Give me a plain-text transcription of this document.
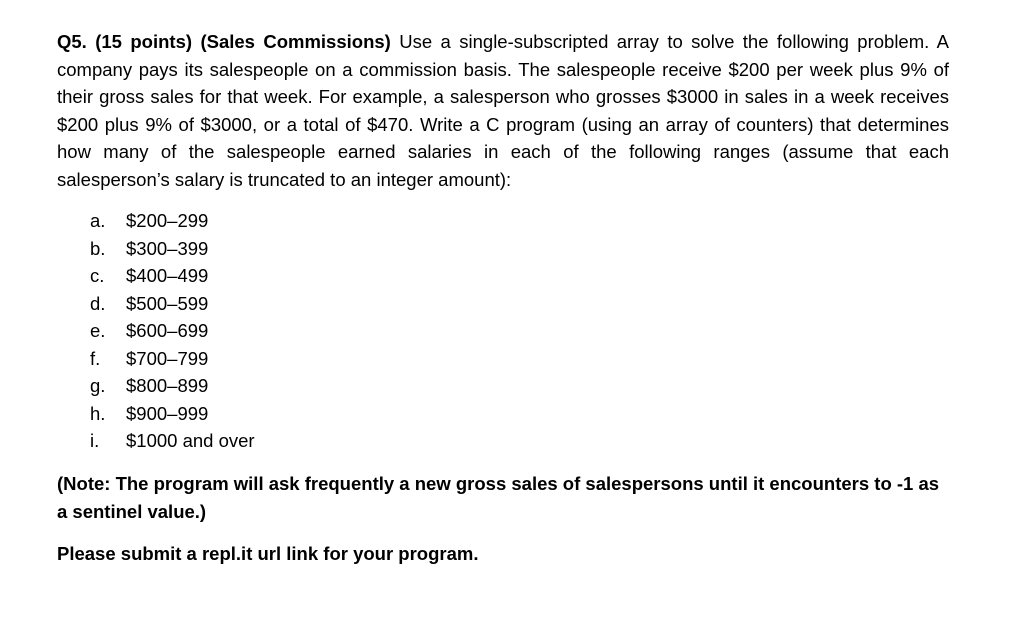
Q5. (15 points) (Sales Commissions) Use a single-subscripted array to solve the following problem. A company pays its salespeople on a commission basis. The salespeople receive $200 per week plus 9% of their gross sales for that week. For example, a salesperson who grosses $3000 in sales in a week receives $200 plus 9% of $3000, or a total of $470. Write a C program (using an array of counters) that determines how many of the salespeople earned salaries in each of the following ranges (assume that each salesperson’s salary is truncated to an integer amount):

a.	$200–299
b.	$300–399
c.	$400–499
d.	$500–599
e.	$600–699
f.	$700–799
g.	$800–899
h.	$900–999
i.	$1000 and over

(Note: The program will ask frequently a new gross sales of salespersons until it encounters to -1 as a sentinel value.)

Please submit a repl.it url link for your program.
